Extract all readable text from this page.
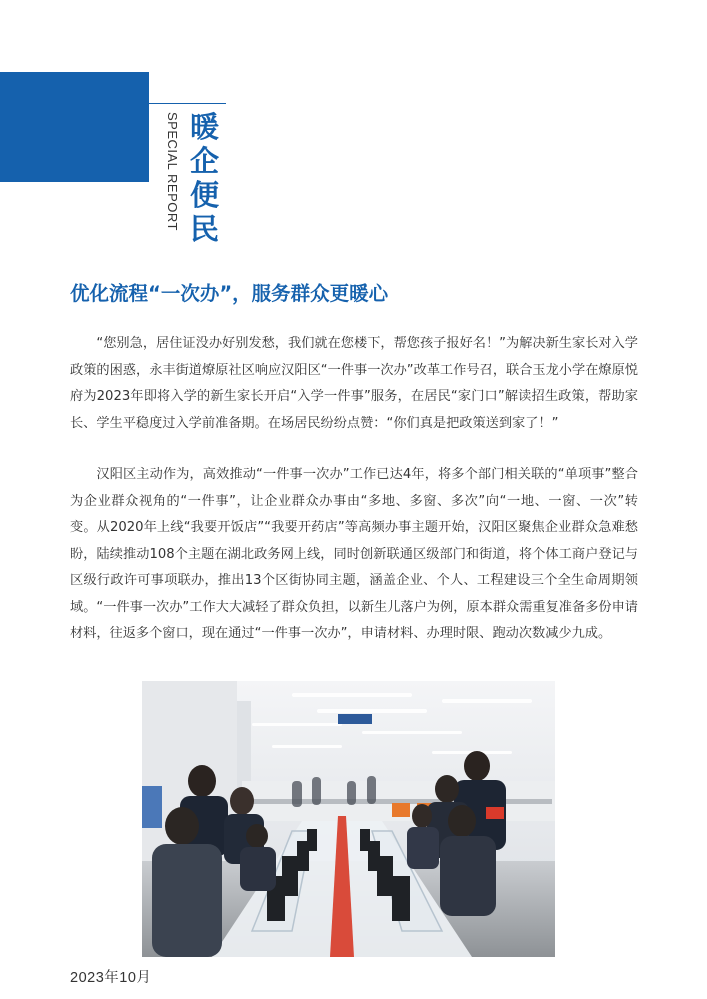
SPECIAL REPORT 暖企便民
优化流程“一次办”，服务群众更暖心

“您别急，居住证没办好别发愁，我们就在您楼下，帮您孩子报好名！”为解决新生家长对入学政策的困惑，永丰街道燎原社区响应汉阳区“一件事一次办”改革工作号召，联合玉龙小学在燎原悦府为2023年即将入学的新生家长开启“入学一件事”服务，在居民“家门口”解读招生政策，帮助家长、学生平稳度过入学前准备期。在场居民纷纷点赞：“你们真是把政策送到家了！”

汉阳区主动作为，高效推动“一件事一次办”工作已达4年，将多个部门相关联的“单项事”整合为企业群众视角的“一件事”，让企业群众办事由“多地、多窗、多次”向“一地、一窗、一次”转变。从2020年上线“我要开饭店”“我要开药店”等高频办事主题开始，汉阳区聚焦企业群众急难愁盼，陆续推动108个主题在湖北政务网上线，同时创新联通区级部门和街道，将个体工商户登记与区级行政许可事项联办，推出13个区街协同主题，涵盖企业、个人、工程建设三个全生命周期领域。“一件事一次办”工作大大减轻了群众负担，以新生儿落户为例，原本群众需重复准备多份申请材料，往返多个窗口，现在通过“一件事一次办”，申请材料、办理时限、跑动次数减少九成。

2023年10月
